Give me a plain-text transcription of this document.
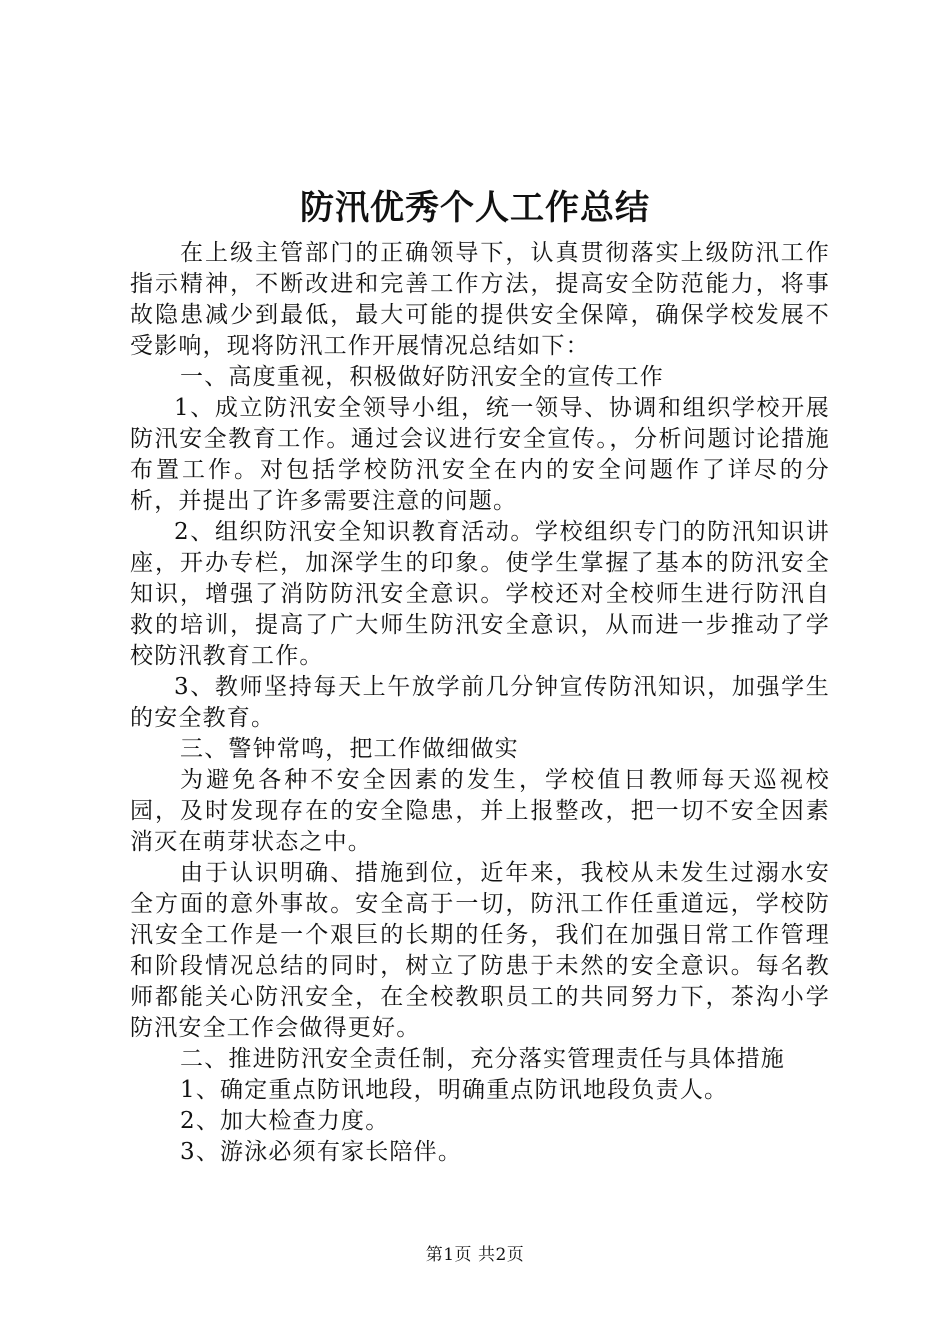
防汛优秀个人工作总结

在上级主管部门的正确领导下，认真贯彻落实上级防汛工作指示精神，不断改进和完善工作方法，提高安全防范能力，将事故隐患减少到最低，最大可能的提供安全保障，确保学校发展不受影响，现将防汛工作开展情况总结如下：

一、高度重视，积极做好防汛安全的宣传工作

1、成立防汛安全领导小组，统一领导、协调和组织学校开展防汛安全教育工作。通过会议进行安全宣传。，分析问题讨论措施布置工作。对包括学校防汛安全在内的安全问题作了详尽的分析，并提出了许多需要注意的问题。

2、组织防汛安全知识教育活动。学校组织专门的防汛知识讲座，开办专栏，加深学生的印象。使学生掌握了基本的防汛安全知识，增强了消防防汛安全意识。学校还对全校师生进行防汛自救的培训，提高了广大师生防汛安全意识，从而进一步推动了学校防汛教育工作。

3、教师坚持每天上午放学前几分钟宣传防汛知识，加强学生的安全教育。

三、警钟常鸣，把工作做细做实

为避免各种不安全因素的发生，学校值日教师每天巡视校园，及时发现存在的安全隐患，并上报整改，把一切不安全因素消灭在萌芽状态之中。

由于认识明确、措施到位，近年来，我校从未发生过溺水安全方面的意外事故。安全高于一切，防汛工作任重道远，学校防汛安全工作是一个艰巨的长期的任务，我们在加强日常工作管理和阶段情况总结的同时，树立了防患于未然的安全意识。每名教师都能关心防汛安全，在全校教职员工的共同努力下，茶沟小学防汛安全工作会做得更好。

二、推进防汛安全责任制，充分落实管理责任与具体措施

1、确定重点防讯地段，明确重点防讯地段负责人。

2、加大检查力度。

3、游泳必须有家长陪伴。

第1页 共2页
